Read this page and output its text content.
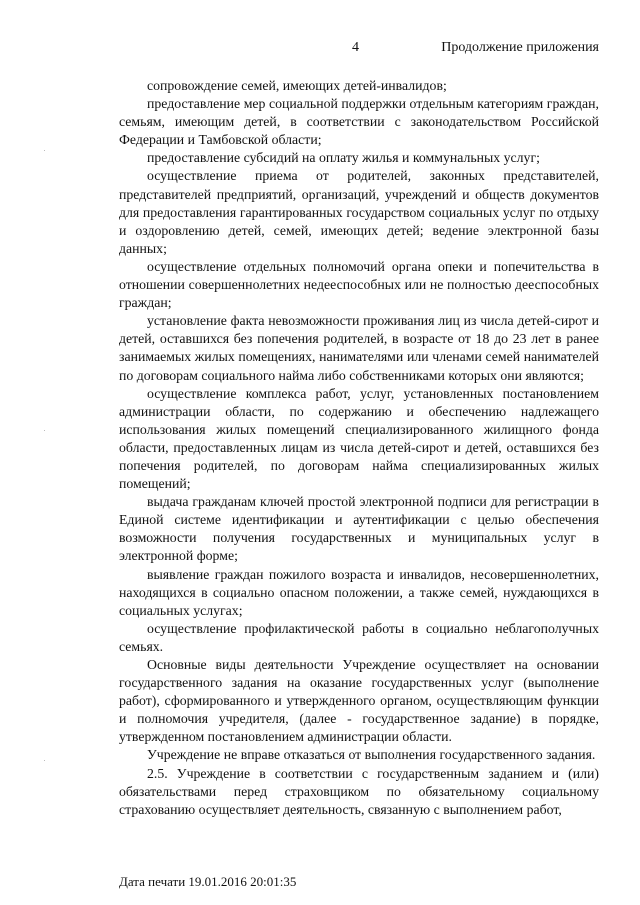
4	Продолжение приложения

сопровождение семей, имеющих детей-инвалидов;

предоставление мер социальной поддержки отдельным категориям граждан, семьям, имеющим детей, в соответствии с законодательством Российской Федерации и Тамбовской области;

предоставление субсидий на оплату жилья и коммунальных услуг;

осуществление приема от родителей, законных представителей, представителей предприятий, организаций, учреждений и обществ документов для предоставления гарантированных государством социальных услуг по отдыху и оздоровлению детей, семей, имеющих детей; ведение электронной базы данных;

осуществление отдельных полномочий органа опеки и попечительства в отношении совершеннолетних недееспособных или не полностью дееспособных граждан;

установление факта невозможности проживания лиц из числа детей-сирот и детей, оставшихся без попечения родителей, в возрасте от 18 до 23 лет в ранее занимаемых жилых помещениях, нанимателями или членами семей нанимателей по договорам социального найма либо собственниками которых они являются;

осуществление комплекса работ, услуг, установленных постановлением администрации области, по содержанию и обеспечению надлежащего использования жилых помещений специализированного жилищного фонда области, предоставленных лицам из числа детей-сирот и детей, оставшихся без попечения родителей, по договорам найма специализированных жилых помещений;

выдача гражданам ключей простой электронной подписи для регистрации в Единой системе идентификации и аутентификации с целью обеспечения возможности получения государственных и муниципальных услуг в электронной форме;

выявление граждан пожилого возраста и инвалидов, несовершеннолетних, находящихся в социально опасном положении, а также семей, нуждающихся в социальных услугах;

осуществление профилактической работы в социально неблагополучных семьях.

Основные виды деятельности Учреждение осуществляет на основании государственного задания на оказание государственных услуг (выполнение работ), сформированного и утвержденного органом, осуществляющим функции и полномочия учредителя, (далее - государственное задание) в порядке, утвержденном постановлением администрации области.

Учреждение не вправе отказаться от выполнения государственного задания.

2.5. Учреждение в соответствии с государственным заданием и (или) обязательствами перед страховщиком по обязательному социальному страхованию осуществляет деятельность, связанную с выполнением работ,

Дата печати 19.01.2016 20:01:35
